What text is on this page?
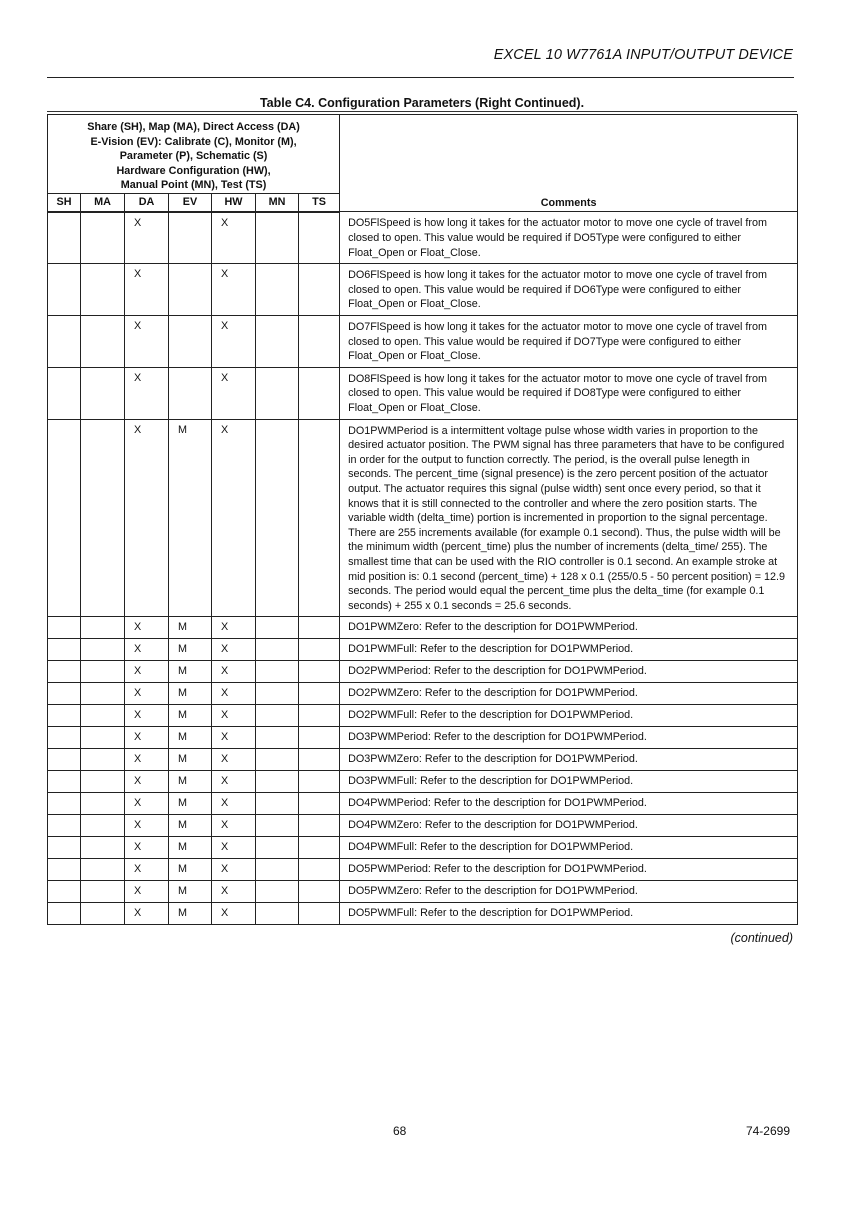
EXCEL 10 W7761A INPUT/OUTPUT DEVICE
Table C4. Configuration Parameters (Right Continued).
Share (SH), Map (MA), Direct Access (DA)
E-Vision (EV): Calibrate (C), Monitor (M),
Parameter (P), Schematic (S)
Hardware Configuration (HW),
Manual Point (MN), Test (TS)							Comments
SH	MA	DA	EV	HW	MN	TS	
		X		X			DO5FlSpeed is how long it takes for the actuator motor to move one cycle of travel from closed to open. This value would be required if DO5Type were configured to either Float_Open or Float_Close.
		X		X			DO6FlSpeed is how long it takes for the actuator motor to move one cycle of travel from closed to open. This value would be required if DO6Type were configured to either Float_Open or Float_Close.
		X		X			DO7FlSpeed is how long it takes for the actuator motor to move one cycle of travel from closed to open. This value would be required if DO7Type were configured to either Float_Open or Float_Close.
		X		X			DO8FlSpeed is how long it takes for the actuator motor to move one cycle of travel from closed to open. This value would be required if DO8Type were configured to either Float_Open or Float_Close.
		X	M	X			DO1PWMPeriod is a intermittent voltage pulse whose width varies in proportion to the desired actuator position. The PWM signal has three parameters that have to be configured in order for the output to function correctly. The period, is the overall pulse lenegth in seconds. The percent_time (signal presence) is the zero percent position of the actuator output. The actuator requires this signal (pulse width) sent once every period, so that it knows that it is still connected to the controller and where the zero position starts. The variable width (delta_time) portion is incremented in proportion to the signal percentage. There are 255 increments available (for example 0.1 second). Thus, the pulse width will be the minimum width (percent_time) plus the number of increments (delta_time/ 255). The smallest time that can be used with the RIO controller is 0.1 second. An example stroke at mid position is: 0.1 second (percent_time) + 128 x 0.1 (255/0.5 - 50 percent position) = 12.9 seconds. The period would equal the percent_time plus the delta_time (for example 0.1 seconds) + 255 x 0.1 seconds = 25.6 seconds.
		X	M	X			DO1PWMZero: Refer to the description for DO1PWMPeriod.
		X	M	X			DO1PWMFull: Refer to the description for DO1PWMPeriod.
		X	M	X			DO2PWMPeriod: Refer to the description for DO1PWMPeriod.
		X	M	X			DO2PWMZero: Refer to the description for DO1PWMPeriod.
		X	M	X			DO2PWMFull: Refer to the description for DO1PWMPeriod.
		X	M	X			DO3PWMPeriod: Refer to the description for DO1PWMPeriod.
		X	M	X			DO3PWMZero: Refer to the description for DO1PWMPeriod.
		X	M	X			DO3PWMFull: Refer to the description for DO1PWMPeriod.
		X	M	X			DO4PWMPeriod: Refer to the description for DO1PWMPeriod.
		X	M	X			DO4PWMZero: Refer to the description for DO1PWMPeriod.
		X	M	X			DO4PWMFull: Refer to the description for DO1PWMPeriod.
		X	M	X			DO5PWMPeriod: Refer to the description for DO1PWMPeriod.
		X	M	X			DO5PWMZero: Refer to the description for DO1PWMPeriod.
		X	M	X			DO5PWMFull: Refer to the description for DO1PWMPeriod.
(continued)
68	74-2699
